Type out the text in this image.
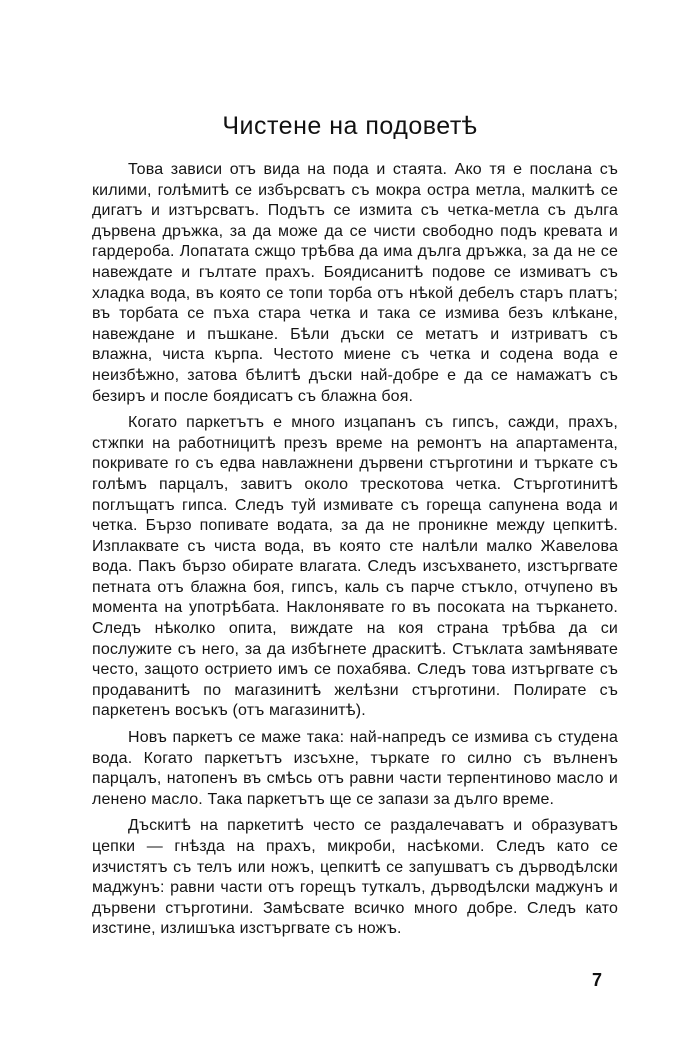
Чистене на подоветѣ

Това зависи отъ вида на пода и стаята. Ако тя е послана съ килими, голѣмитѣ се избърсватъ съ мокра остра метла, малкитѣ се дигатъ и изтърсватъ. Подътъ се измита съ четка-метла съ дълга дървена дръжка, за да може да се чисти свободно подъ кревата и гардероба. Лопатата сжщо трѣбва да има дълга дръжка, за да не се навеждате и гълтате прахъ. Боядисанитѣ подове се измиватъ съ хладка вода, въ която се топи торба отъ нѣкой дебелъ старъ платъ; въ торбата се пъха стара четка и така се измива безъ клѣкане, навеждане и пъшкане. Бѣли дъски се метатъ и изтриватъ съ влажна, чиста кърпа. Честото миене съ четка и содена вода е неизбѣжно, затова бѣлитѣ дъски най-добре е да се намажатъ съ безиръ и после боядисатъ съ блажна боя.

Когато паркетътъ е много изцапанъ съ гипсъ, сажди, прахъ, стжпки на работницитѣ презъ време на ремонтъ на апартамента, покривате го съ едва навлажнени дървени стърготини и търкате съ голѣмъ парцалъ, завитъ около трескотова четка. Стърготинитѣ поглъщатъ гипса. Следъ туй измивате съ гореща сапунена вода и четка. Бързо попивате водата, за да не проникне между цепкитѣ. Изплаквате съ чиста вода, въ която сте налѣли малко Жавелова вода. Пакъ бързо обирате влагата. Следъ изсъхването, изстъргвате петната отъ блажна боя, гипсъ, каль съ парче стъкло, отчупено въ момента на употрѣбата. Наклонявате го въ посоката на търкането. Следъ нѣколко опита, виждате на коя страна трѣбва да си послужите съ него, за да избѣгнете драскитѣ. Стъклата замѣнявате често, защото острието имъ се похабява. Следъ това изтъргвате съ продаванитѣ по магазинитѣ желѣзни стърготини. Полирате съ паркетенъ восъкъ (отъ магазинитѣ).

Новъ паркетъ се маже така: най-напредъ се измива съ студена вода. Когато паркетътъ изсъхне, търкате го силно съ вълненъ парцалъ, натопенъ въ смѣсь отъ равни части терпентиново масло и ленено масло. Така паркетътъ ще се запази за дълго време.

Дъскитѣ на паркетитѣ често се раздалечаватъ и образуватъ цепки — гнѣзда на прахъ, микроби, насѣкоми. Следъ като се изчистятъ съ телъ или ножъ, цепкитѣ се запушватъ съ дърводѣлски маджунъ: равни части отъ горещъ туткалъ, дърводѣлски маджунъ и дървени стърготини. Замѣсвате всичко много добре. Следъ като изстине, излишъка изстъргвате съ ножъ.

7
